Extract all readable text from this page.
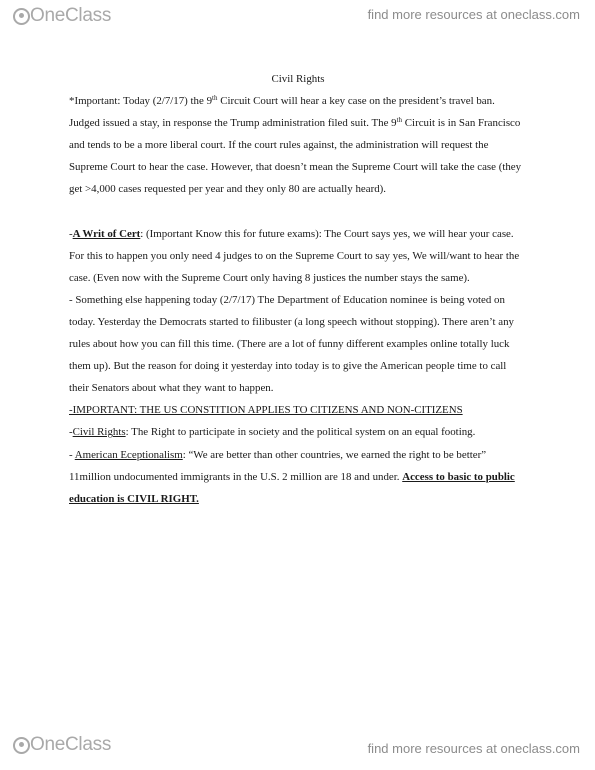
OneClass	find more resources at oneclass.com

Civil Rights

*Important: Today (2/7/17) the 9th Circuit Court will hear a key case on the president’s travel ban. Judged issued a stay, in response the Trump administration filed suit. The 9th Circuit is in San Francisco and tends to be a more liberal court. If the court rules against, the administration will request the Supreme Court to hear the case. However, that doesn’t mean the Supreme Court will take the case (they get >4,000 cases requested per year and they only 80 are actually heard).

-A Writ of Cert: (Important Know this for future exams): The Court says yes, we will hear your case. For this to happen you only need 4 judges to on the Supreme Court to say yes, We will/want to hear the case. (Even now with the Supreme Court only having 8 justices the number stays the same).

- Something else happening today (2/7/17) The Department of Education nominee is being voted on today. Yesterday the Democrats started to filibuster (a long speech without stopping). There aren’t any rules about how you can fill this time. (There are a lot of funny different examples online totally luck them up). But the reason for doing it yesterday into today is to give the American people time to call their Senators about what they want to happen.

-IMPORTANT: THE US CONSTITION APPLIES TO CITIZENS AND NON-CITIZENS

-Civil Rights: The Right to participate in society and the political system on an equal footing.

- American Eceptionalism: “We are better than other countries, we earned the right to be better” 11million undocumented immigrants in the U.S. 2 million are 18 and under. Access to basic to public education is CIVIL RIGHT.

OneClass	find more resources at oneclass.com
